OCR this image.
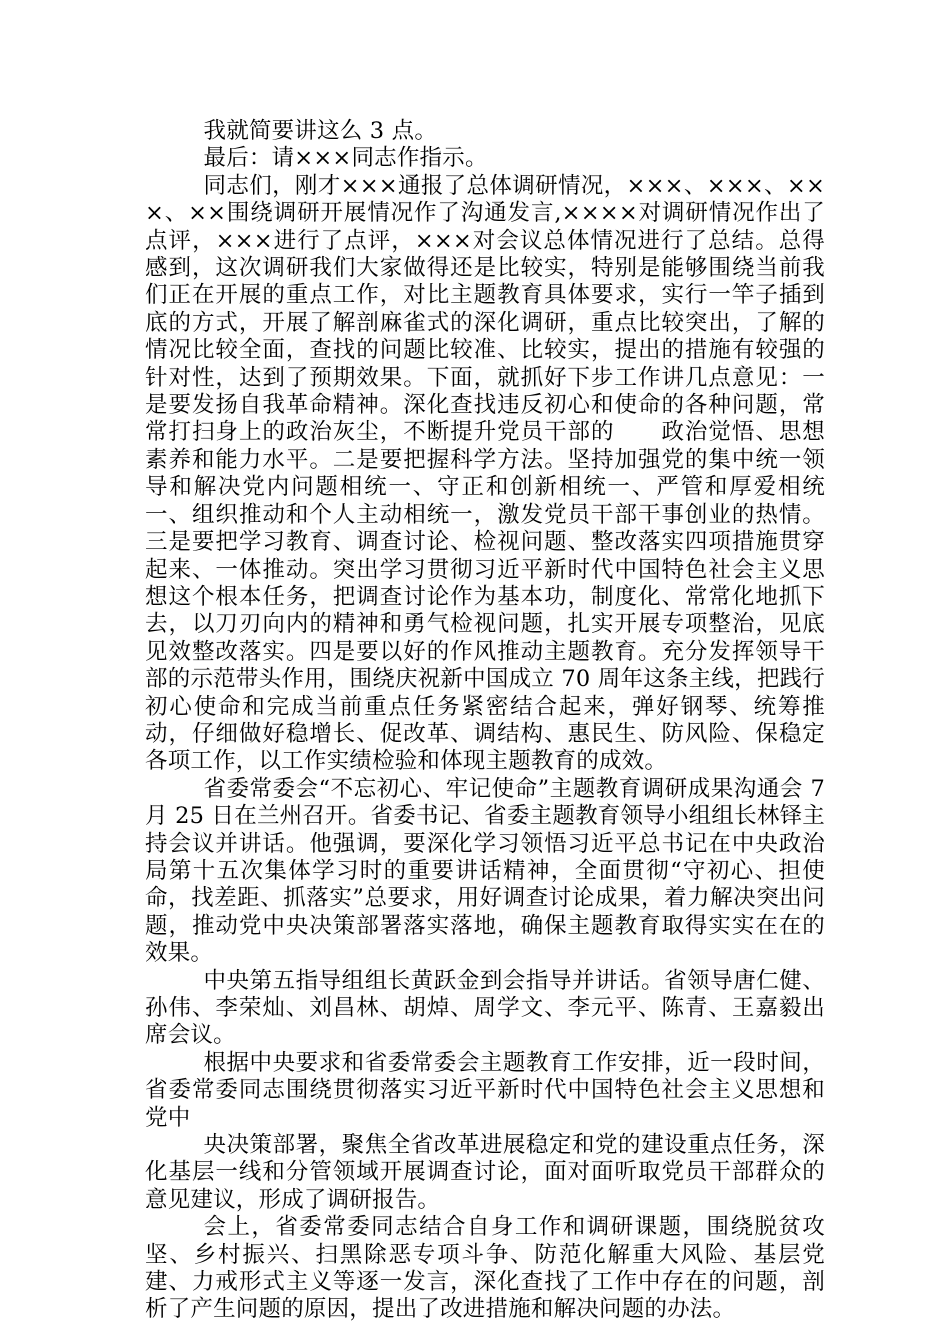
我就简要讲这么 3 点。

最后：请×××同志作指示。

同志们，刚才×××通报了总体调研情况，×××、×××、×××、××围绕调研开展情况作了沟通发言,××××对调研情况作出了点评，×××进行了点评，×××对会议总体情况进行了总结。总得感到，这次调研我们大家做得还是比较实，特别是能够围绕当前我们正在开展的重点工作，对比主题教育具体要求，实行一竿子插到底的方式，开展了解剖麻雀式的深化调研，重点比较突出，了解的情况比较全面，查找的问题比较准、比较实，提出的措施有较强的针对性，达到了预期效果。下面，就抓好下步工作讲几点意见：一是要发扬自我革命精神。深化查找违反初心和使命的各种问题，常常打扫身上的政治灰尘，不断提升党员干部的　　政治觉悟、思想素养和能力水平。二是要把握科学方法。坚持加强党的集中统一领导和解决党内问题相统一、守正和创新相统一、严管和厚爱相统一、组织推动和个人主动相统一，激发党员干部干事创业的热情。三是要把学习教育、调查讨论、检视问题、整改落实四项措施贯穿起来、一体推动。突出学习贯彻习近平新时代中国特色社会主义思想这个根本任务，把调查讨论作为基本功，制度化、常常化地抓下去，以刀刃向内的精神和勇气检视问题，扎实开展专项整治，见底见效整改落实。四是要以好的作风推动主题教育。充分发挥领导干部的示范带头作用，围绕庆祝新中国成立 70 周年这条主线，把践行初心使命和完成当前重点任务紧密结合起来，弹好钢琴、统筹推动，仔细做好稳增长、促改革、调结构、惠民生、防风险、保稳定各项工作，以工作实绩检验和体现主题教育的成效。

省委常委会“不忘初心、牢记使命”主题教育调研成果沟通会 7 月 25 日在兰州召开。省委书记、省委主题教育领导小组组长林铎主持会议并讲话。他强调，要深化学习领悟习近平总书记在中央政治局第十五次集体学习时的重要讲话精神，全面贯彻“守初心、担使命，找差距、抓落实”总要求，用好调查讨论成果，着力解决突出问题，推动党中央决策部署落实落地，确保主题教育取得实实在在的效果。

中央第五指导组组长黄跃金到会指导并讲话。省领导唐仁健、孙伟、李荣灿、刘昌林、胡焯、周学文、李元平、陈青、王嘉毅出席会议。

根据中央要求和省委常委会主题教育工作安排，近一段时间，省委常委同志围绕贯彻落实习近平新时代中国特色社会主义思想和党中

央决策部署，聚焦全省改革进展稳定和党的建设重点任务，深化基层一线和分管领域开展调查讨论，面对面听取党员干部群众的意见建议，形成了调研报告。

会上，省委常委同志结合自身工作和调研课题，围绕脱贫攻坚、乡村振兴、扫黑除恶专项斗争、防范化解重大风险、基层党建、力戒形式主义等逐一发言，深化查找了工作中存在的问题，剖析了产生问题的原因，提出了改进措施和解决问题的办法。
